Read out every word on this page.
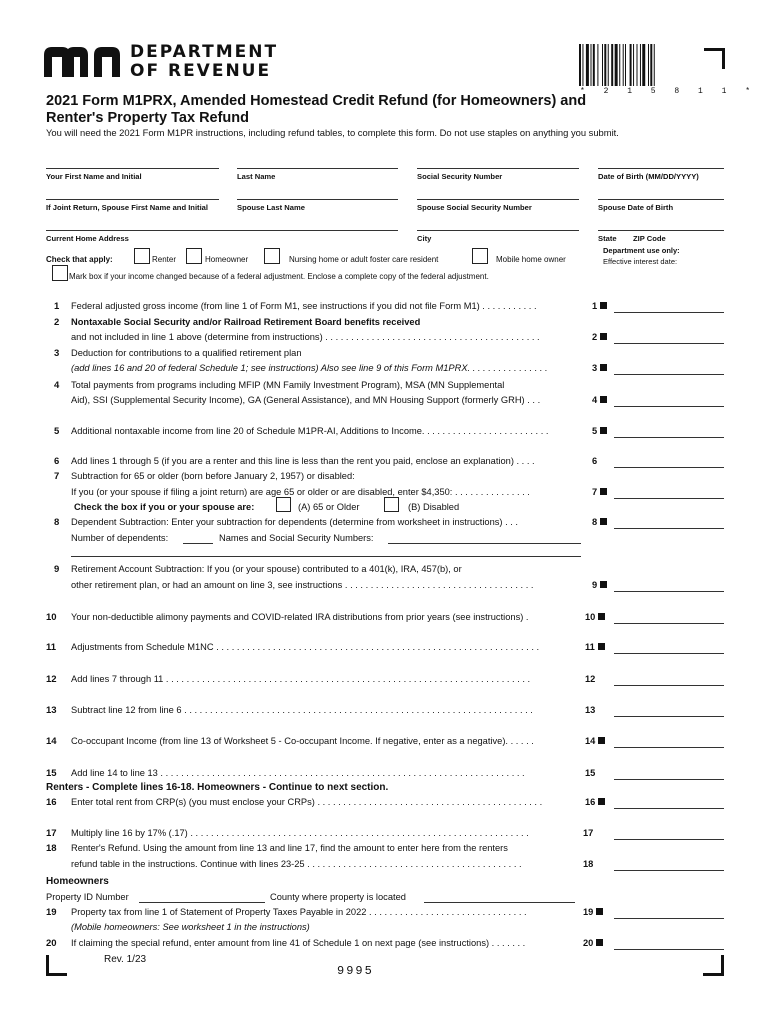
DEPARTMENT
OF REVENUE
* 2 1 5 8 1 1 *
2021 Form M1PRX, Amended Homestead Credit Refund (for Homeowners) and Renter's Property Tax Refund
You will need the 2021 Form M1PR instructions, including refund tables, to complete this form. Do not use staples on anything you submit.
Your First Name and Initial	Last Name	Social Security Number	Date of Birth (MM/DD/YYYY)
If Joint Return, Spouse First Name and Initial	Spouse Last Name	Spouse Social Security Number	Spouse Date of Birth
Current Home Address	City	State ZIP Code
Check that apply:	Renter	Homeowner	Nursing home or adult foster care resident	Mobile home owner
Mark box if your income changed because of a federal adjustment. Enclose a complete copy of the federal adjustment.
Department use only:
Effective interest date:
1 Federal adjusted gross income (from line 1 of Form M1, see instructions if you did not file Form M1) . . . . . . . . . . .	1
2 Nontaxable Social Security and/or Railroad Retirement Board benefits received
and not included in line 1 above (determine from instructions) . . . . . . . . . . . . . . . . . . . . . . . . . . . . . . . . . . . . . . . . . .	2
3 Deduction for contributions to a qualified retirement plan
(add lines 16 and 20 of federal Schedule 1; see instructions) Also see line 9 of this Form M1PRX. . . . . . . . . . . . . . . .	3
4 Total payments from programs including MFIP (MN Family Investment Program), MSA (MN Supplemental
Aid), SSI (Supplemental Security Income), GA (General Assistance), and MN Housing Support (formerly GRH) . . .	4
5 Additional nontaxable income from line 20 of Schedule M1PR-AI, Additions to Income. . . . . . . . . . . . . . . . . . . . . . . . .	5
6 Add lines 1 through 5 (if you are a renter and this line is less than the rent you paid, enclose an explanation) . . . .	6
7 Subtraction for 65 or older (born before January 2, 1957) or disabled:
If you (or your spouse if filing a joint return) are age 65 or older or are disabled, enter $4,350: . . . . . . . . . . . . . . .	7
Check the box if you or your spouse are:	(A) 65 or Older	(B) Disabled
8 Dependent Subtraction: Enter your subtraction for dependents (determine from worksheet in instructions) . . .	8
Number of dependents:	Names and Social Security Numbers:
9 Retirement Account Subtraction: If you (or your spouse) contributed to a 401(k), IRA, 457(b), or
other retirement plan, or had an amount on line 3, see instructions . . . . . . . . . . . . . . . . . . . . . . . . . . . . . . . . . . . . .	9
10 Your non-deductible alimony payments and COVID-related IRA distributions from prior years (see instructions) .	10
11 Adjustments from Schedule M1NC . . . . . . . . . . . . . . . . . . . . . . . . . . . . . . . . . . . . . . . . . . . . . . . . . . . . . . . . . . . . . . .	11
12 Add lines 7 through 11 . . . . . . . . . . . . . . . . . . . . . . . . . . . . . . . . . . . . . . . . . . . . . . . . . . . . . . . . . . . . . . . . . . . . . . .	12
13 Subtract line 12 from line 6 . . . . . . . . . . . . . . . . . . . . . . . . . . . . . . . . . . . . . . . . . . . . . . . . . . . . . . . . . . . . . . . . . . . .	13
14 Co-occupant Income (from line 13 of Worksheet 5 - Co-occupant Income. If negative, enter as a negative). . . . . .	14
15 Add line 14 to line 13 . . . . . . . . . . . . . . . . . . . . . . . . . . . . . . . . . . . . . . . . . . . . . . . . . . . . . . . . . . . . . . . . . . . . . . .	15
Renters - Complete lines 16-18. Homeowners - Continue to next section.
16 Enter total rent from CRP(s) (you must enclose your CRPs) . . . . . . . . . . . . . . . . . . . . . . . . . . . . . . . . . . . . . . . . . . . .	16
17 Multiply line 16 by 17% (.17) . . . . . . . . . . . . . . . . . . . . . . . . . . . . . . . . . . . . . . . . . . . . . . . . . . . . . . . . . . . . . . . . . .	17
18 Renter's Refund. Using the amount from line 13 and line 17, find the amount to enter here from the renters
refund table in the instructions. Continue with lines 23-25 . . . . . . . . . . . . . . . . . . . . . . . . . . . . . . . . . . . . . . . . . .	18
Homeowners
Property ID Number	County where property is located
19 Property tax from line 1 of Statement of Property Taxes Payable in 2022 . . . . . . . . . . . . . . . . . . . . . . . . . . . . . . .
(Mobile homeowners: See worksheet 1 in the instructions)
19
20 If claiming the special refund, enter amount from line 41 of Schedule 1 on next page (see instructions) . . . . . . .	20
Rev. 1/23
9995
